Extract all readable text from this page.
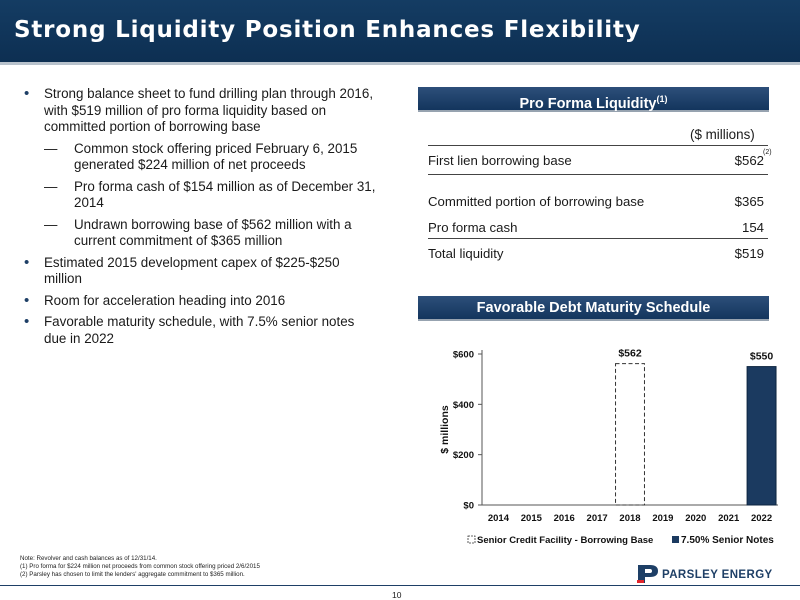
Strong Liquidity Position Enhances Flexibility
• Strong balance sheet to fund drilling plan through 2016,
with $519 million of pro forma liquidity based on
committed portion of borrowing base
— Common stock offering priced February 6, 2015
generated $224 million of net proceeds
— Pro forma cash of $154 million as of December 31,
2014
— Undrawn borrowing base of $562 million with a
current commitment of $365 million
• Estimated 2015 development capex of $225-$250
million
• Room for acceleration heading into 2016
• Favorable maturity schedule, with 7.5% senior notes
due in 2022
Pro Forma Liquidity$^{(1)}$
($ millions)
First lien borrowing base	$562
(2)
Committed portion of borrowing base	$365
Pro forma cash	154
Total liquidity	$519
Favorable Debt Maturity Schedule
$0
$200
$400
$600
$ millions
2014 2015 2016 2017 2018 2019 2020 2021 2022
$562	$550
Senior Credit Facility - Borrowing Base	7.50% Senior Notes
Note: Revolver and cash balances as of 12/31/14.
(1) Pro forma for $224 million net proceeds from common stock offering priced 2/6/2015
(2) Parsley has chosen to limit the lenders' aggregate commitment to $365 million.	PARSLEY ENERGY
10
